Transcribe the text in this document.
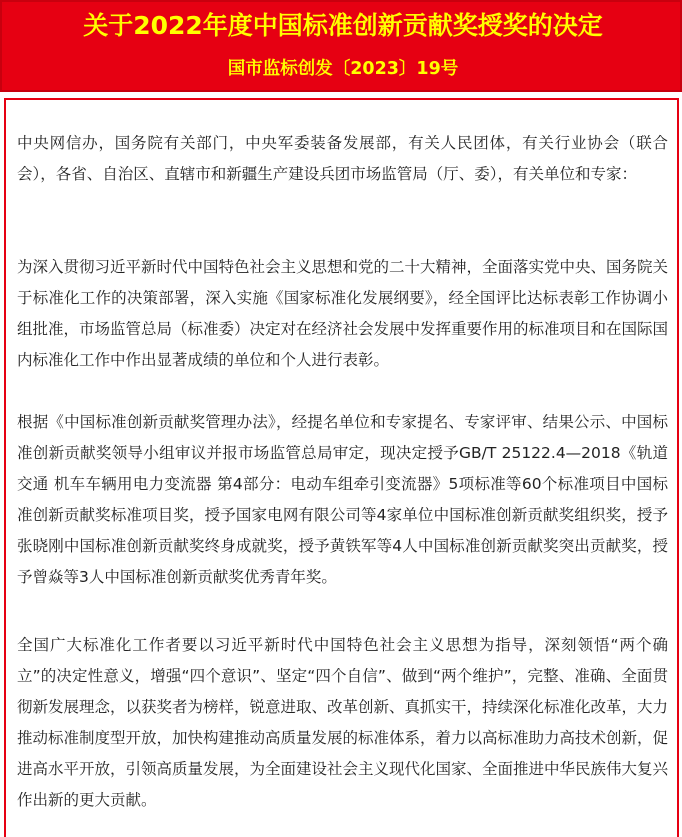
关于2022年度中国标准创新贡献奖授奖的决定
国市监标创发〔2023〕19号

中央网信办，国务院有关部门，中央军委装备发展部，有关人民团体，有关行业协会（联合会），各省、自治区、直辖市和新疆生产建设兵团市场监管局（厅、委），有关单位和专家：

为深入贯彻习近平新时代中国特色社会主义思想和党的二十大精神，全面落实党中央、国务院关于标准化工作的决策部署，深入实施《国家标准化发展纲要》，经全国评比达标表彰工作协调小组批准，市场监管总局（标准委）决定对在经济社会发展中发挥重要作用的标准项目和在国际国内标准化工作中作出显著成绩的单位和个人进行表彰。

根据《中国标准创新贡献奖管理办法》，经提名单位和专家提名、专家评审、结果公示、中国标准创新贡献奖领导小组审议并报市场监管总局审定，现决定授予GB/T 25122.4—2018《轨道交通 机车车辆用电力变流器 第4部分：电动车组牵引变流器》5项标准等60个标准项目中国标准创新贡献奖标准项目奖，授予国家电网有限公司等4家单位中国标准创新贡献奖组织奖，授予张晓刚中国标准创新贡献奖终身成就奖，授予黄铁军等4人中国标准创新贡献奖突出贡献奖，授予曾焱等3人中国标准创新贡献奖优秀青年奖。

全国广大标准化工作者要以习近平新时代中国特色社会主义思想为指导，深刻领悟“两个确立”的决定性意义，增强“四个意识”、坚定“四个自信”、做到“两个维护”，完整、准确、全面贯彻新发展理念，以获奖者为榜样，锐意进取、改革创新、真抓实干，持续深化标准化改革，大力推动标准制度型开放，加快构建推动高质量发展的标准体系，着力以高标准助力高技术创新，促进高水平开放，引领高质量发展，为全面建设社会主义现代化国家、全面推进中华民族伟大复兴作出新的更大贡献。
